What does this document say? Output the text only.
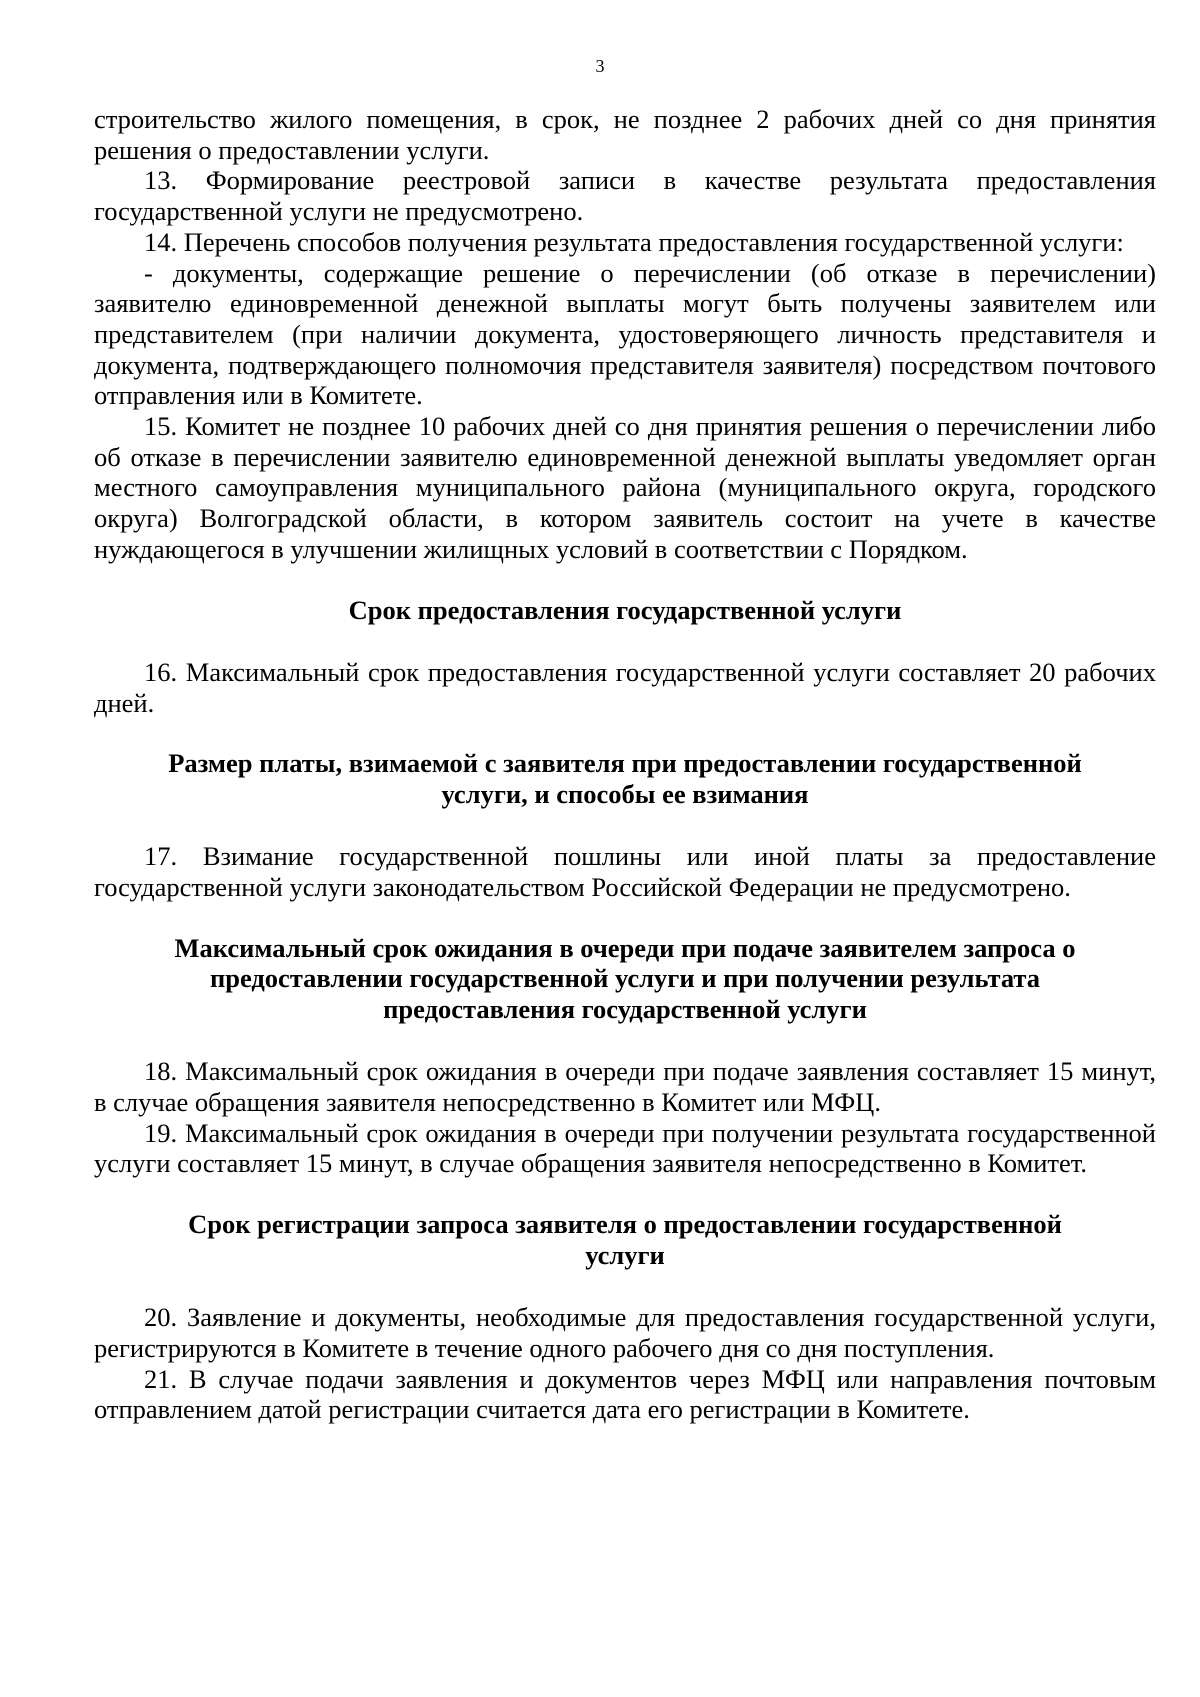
3

строительство жилого помещения, в срок, не позднее 2 рабочих дней со дня принятия решения о предоставлении услуги.

13. Формирование реестровой записи в качестве результата предоставления государственной услуги не предусмотрено.

14. Перечень способов получения результата предоставления государственной услуги:

- документы, содержащие решение о перечислении (об отказе в перечислении) заявителю единовременной денежной выплаты могут быть получены заявителем или представителем (при наличии документа, удостоверяющего личность представителя и документа, подтверждающего полномочия представителя заявителя) посредством почтового отправления или в Комитете.

15. Комитет не позднее 10 рабочих дней со дня принятия решения о перечислении либо об отказе в перечислении заявителю единовременной денежной выплаты уведомляет орган местного самоуправления муниципального района (муниципального округа, городского округа) Волгоградской области, в котором заявитель состоит на учете в качестве нуждающегося в улучшении жилищных условий в соответствии с Порядком.

Срок предоставления государственной услуги

16. Максимальный срок предоставления государственной услуги составляет 20 рабочих дней.

Размер платы, взимаемой с заявителя при предоставлении государственной услуги, и способы ее взимания

17. Взимание государственной пошлины или иной платы за предоставление государственной услуги законодательством Российской Федерации не предусмотрено.

Максимальный срок ожидания в очереди при подаче заявителем запроса о предоставлении государственной услуги и при получении результата предоставления государственной услуги

18. Максимальный срок ожидания в очереди при подаче заявления составляет 15 минут, в случае обращения заявителя непосредственно в Комитет или МФЦ.

19. Максимальный срок ожидания в очереди при получении результата государственной услуги составляет 15 минут, в случае обращения заявителя непосредственно в Комитет.

Срок регистрации запроса заявителя о предоставлении государственной услуги

20. Заявление и документы, необходимые для предоставления государственной услуги, регистрируются в Комитете в течение одного рабочего дня со дня поступления.

21. В случае подачи заявления и документов через МФЦ или направления почтовым отправлением датой регистрации считается дата его регистрации в Комитете.
